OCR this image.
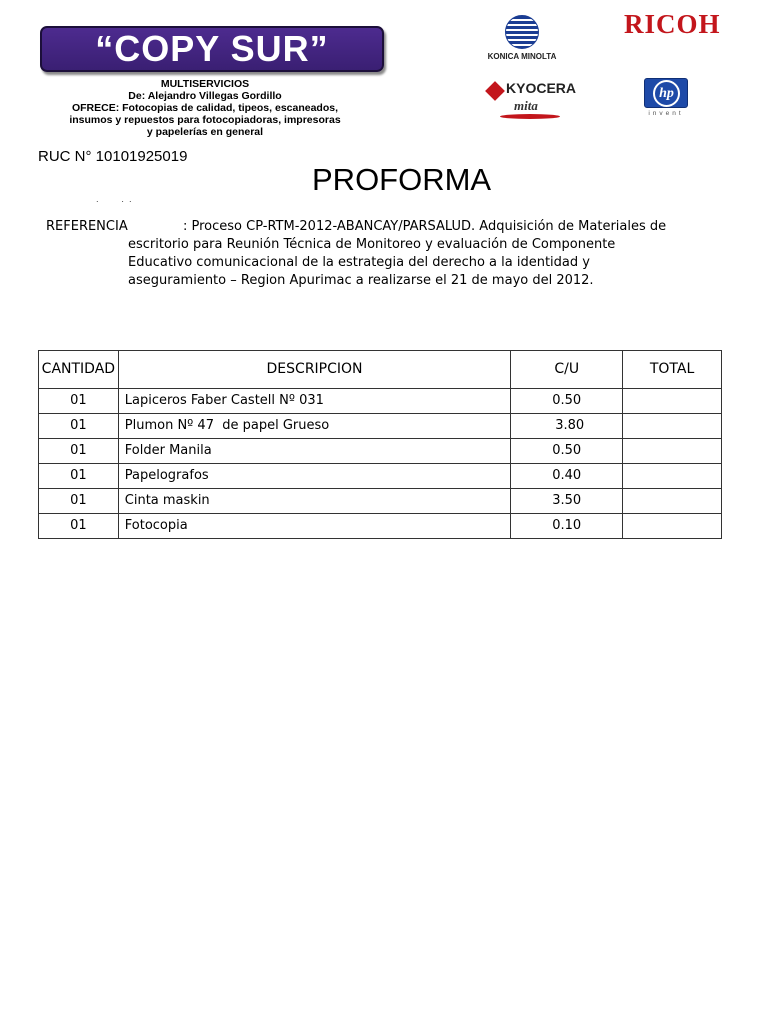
“COPY SUR”
MULTISERVICIOS
De: Alejandro Villegas Gordillo
OFRECE: Fotocopias de calidad, tipeos, escaneados,
insumos y repuestos para fotocopiadoras, impresoras
y papelerías en general
KONICA MINOLTA
RICOH
KYOCERA
mita
hp
invent
RUC N° 10101925019
PROFORMA
.         .  .
REFERENCIA	: Proceso CP-RTM-2012-ABANCAY/PARSALUD. Adquisición de Materiales de escritorio para Reunión Técnica de Monitoreo y evaluación de Componente Educativo comunicacional de la estrategia del derecho a la identidad y aseguramiento – Region Apurimac a realizarse el 21 de mayo del 2012.
CANTIDAD	DESCRIPCION	C/U	TOTAL
01	Lapiceros Faber Castell Nº 031	0.50	
01	Plumon Nº 47  de papel Grueso	3.80	
01	Folder Manila	0.50	
01	Papelografos	0.40	
01	Cinta maskin	3.50	
01	Fotocopia	0.10	
